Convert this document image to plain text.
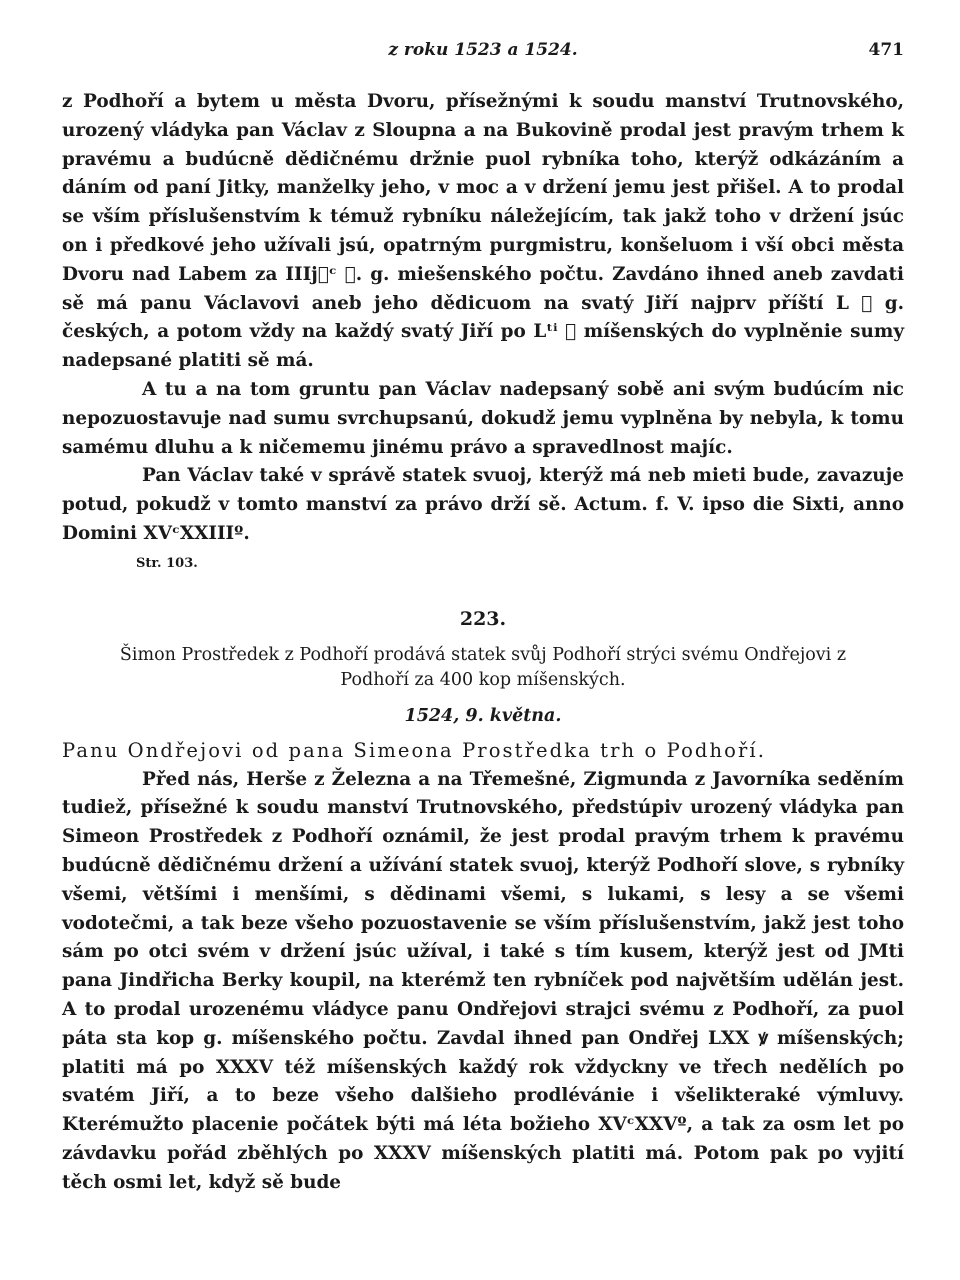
z roku 1523 a 1524.	471

z Podhoří a bytem u města Dvoru, přísežnými k soudu manství Trutnovského, urozený vládyka pan Václav z Sloupna a na Bukovině prodal jest pravým trhem k pravému a budúcně dědičnému držnie puol rybníka toho, kterýž odkázáním a dáním od paní Jitky, manželky jeho, v moc a v držení jemu jest přišel. A to prodal se vším příslušenstvím k témuž rybníku náležejícím, tak jakž toho v držení jsúc on i předkové jeho užívali jsú, opatrným purgmistru, konšeluom i vší obci města Dvoru nad Labem za IIIj᷍ᶜ ꝟ. g. miešenského počtu. Zavdáno ihned aneb zavdati sě má panu Václavovi aneb jeho dědicuom na svatý Jiří najprv příští L ꝟ g. českých, a potom vždy na každý svatý Jiří po Lᵗⁱ ꝟ míšenských do vyplněnie sumy nadepsané platiti sě má.

A tu a na tom gruntu pan Václav nadepsaný sobě ani svým budúcím nic nepozuostavuje nad sumu svrchupsanú, dokudž jemu vyplněna by nebyla, k tomu samému dluhu a k ničememu jinému právo a spravedlnost majíc.

Pan Václav také v správě statek svuoj, kterýž má neb mieti bude, zavazuje potud, pokudž v tomto manství za právo drží sě. Actum. f. V. ipso die Sixti, anno Domini XVᶜXXIIIº.

Str. 103.
223.
Šimon Prostředek z Podhoří prodává statek svůj Podhoří strýci svému Ondřejovi z Podhoří za 400 kop míšenských.
1524, 9. května.

Panu Ondřejovi od pana Simeona Prostředka trh o Podhoří.

Před nás, Herše z Železna a na Třemešné, Zigmunda z Javorníka seděním tudiež, přísežné k soudu manství Trutnovského, předstúpiv urozený vládyka pan Simeon Prostředek z Podhoří oznámil, že jest prodal pravým trhem k pravému budúcně dědičnému držení a užívání statek svuoj, kterýž Podhoří slove, s rybníky všemi, většími i menšími, s dědinami všemi, s lukami, s lesy a se všemi vodotečmi, a tak beze všeho pozuostavenie se vším příslušenstvím, jakž jest toho sám po otci svém v držení jsúc užíval, i také s tím kusem, kterýž jest od JMti pana Jindřicha Berky koupil, na kterémž ten rybníček pod najvětším udělán jest. A to prodal urozenému vládyce panu Ondřejovi strajci svému z Podhoří, za puol páta sta kop g. míšenského počtu. Zavdal ihned pan Ondřej LXX ꝟ míšenských; platiti má po XXXV též míšenských každý rok vždyckny ve třech nedělích po svatém Jiří, a to beze všeho dalšieho prodlévánie i všelikteraké výmluvy. Kterémužto placenie počátek býti má léta božieho XVᶜXXVº, a tak za osm let po závdavku pořád zběhlých po XXXV míšenských platiti má. Potom pak po vyjití těch osmi let, když sě bude
